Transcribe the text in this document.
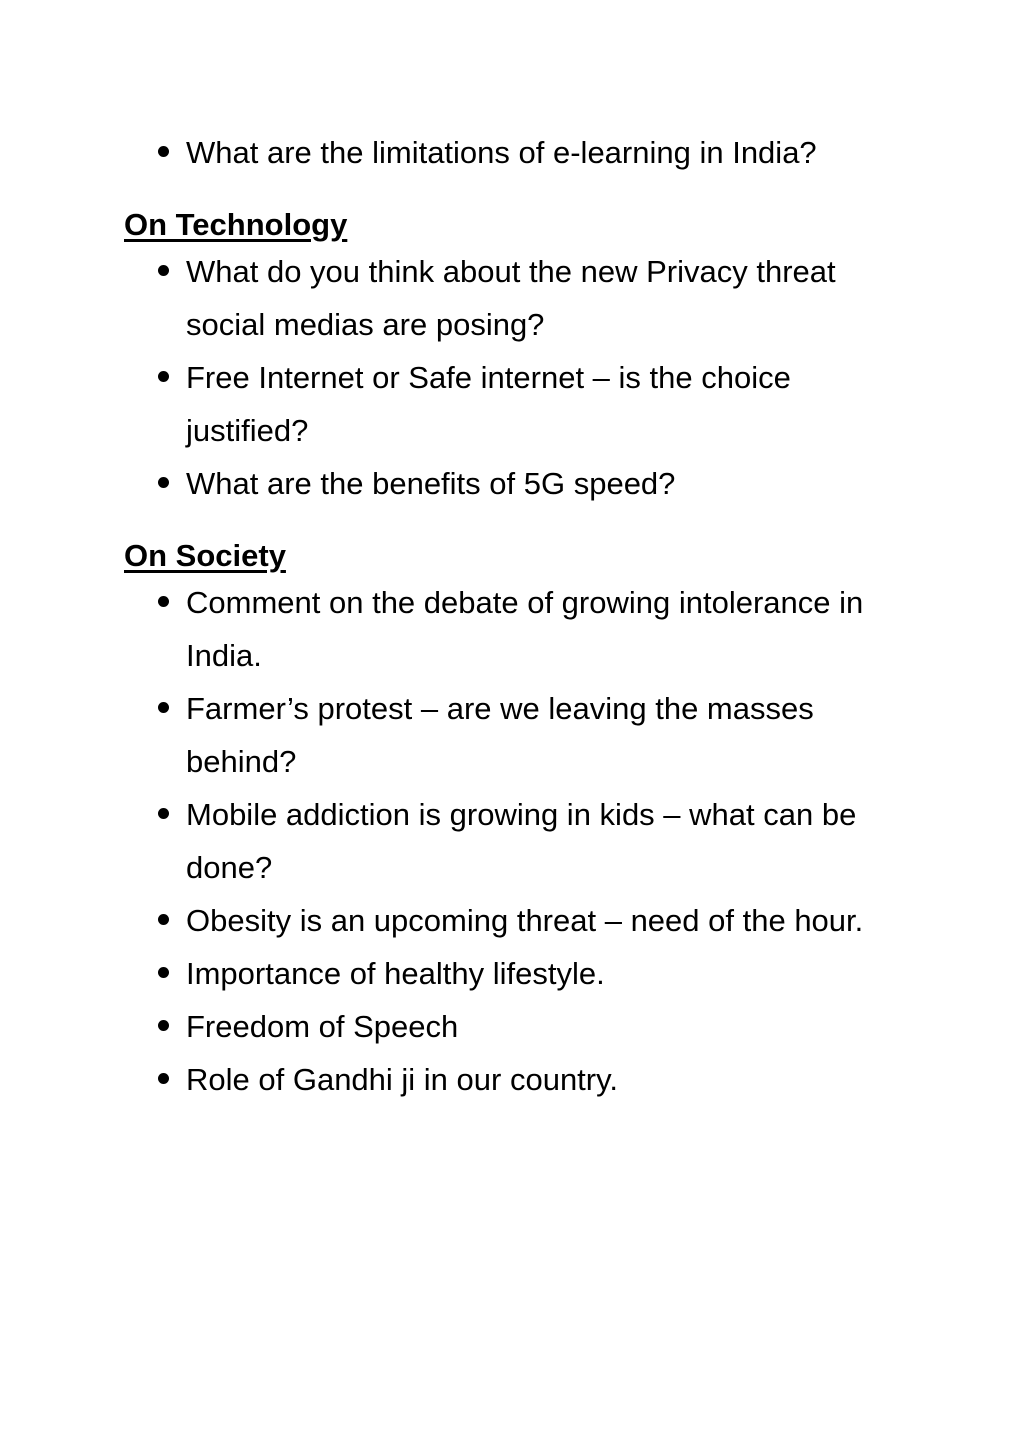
What are the limitations of e-learning in India?
On Technology
What do you think about the new Privacy threat social medias are posing?
Free Internet or Safe internet – is the choice justified?
What are the benefits of 5G speed?
On Society
Comment on the debate of growing intolerance in India.
Farmer’s protest – are we leaving the masses behind?
Mobile addiction is growing in kids – what can be done?
Obesity is an upcoming threat – need of the hour.
Importance of healthy lifestyle.
Freedom of Speech
Role of Gandhi ji in our country.
